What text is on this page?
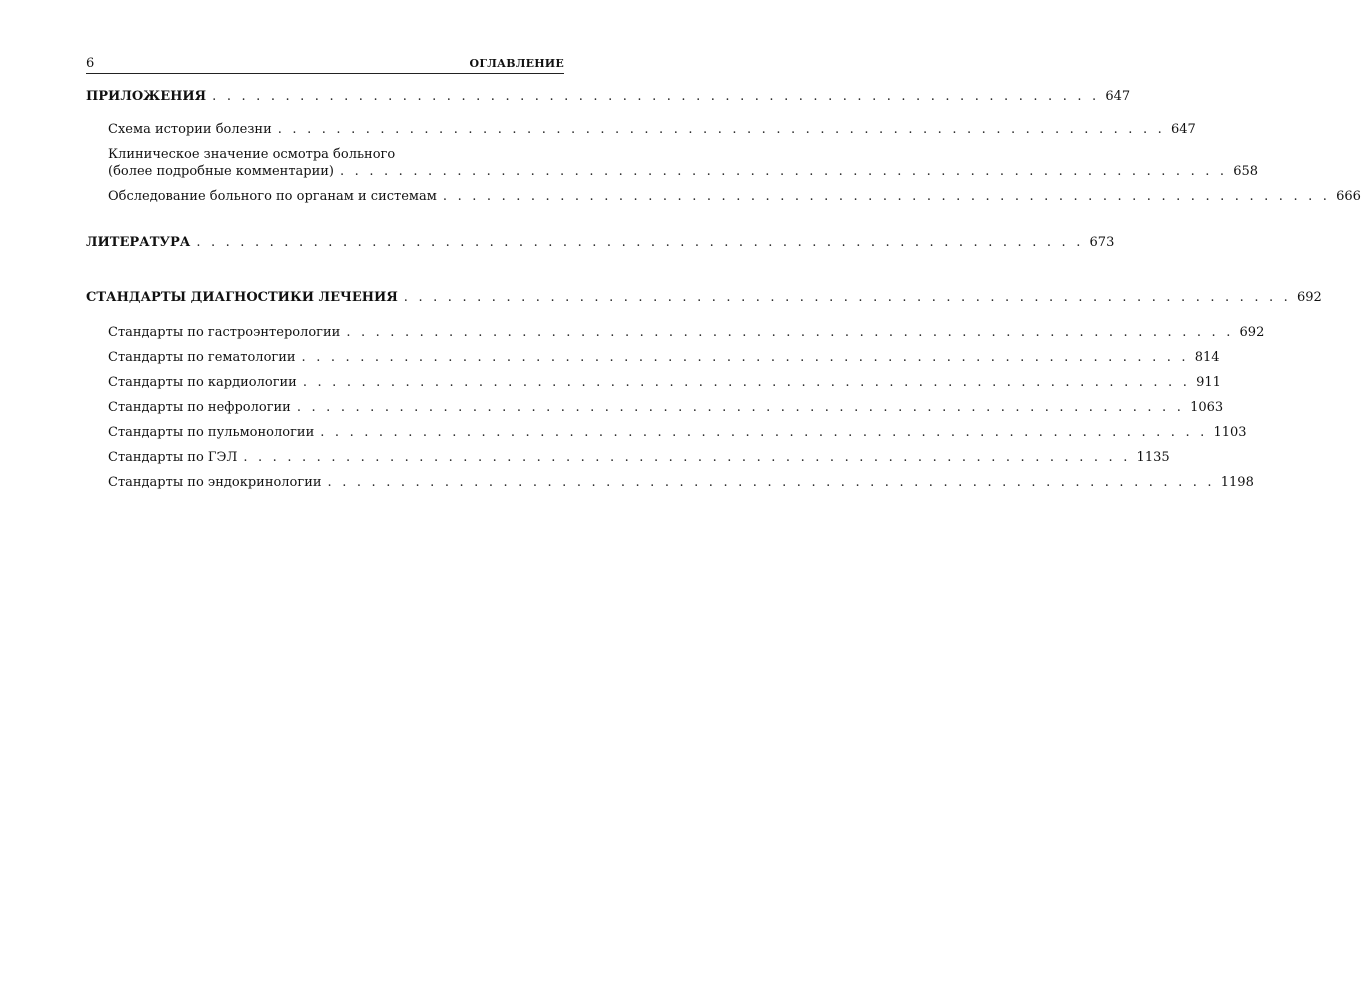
6	ОГЛАВЛЕНИЕ
ПРИЛОЖЕНИЯ . . . . . . . . . . . . . . . . . . . . . . . . . . . . . . . . . . . . . . . . . . . . . . . . . . . . . . . . . . . . . 647
Схема истории болезни . . . . . . . . . . . . . . . . . . . . . . . . . . . . . . . . . . . . . . . . . . . . . . . . . . . . . . . . . . . . . 647
Клиническое значение осмотра больного
(более подробные комментарии) . . . . . . . . . . . . . . . . . . . . . . . . . . . . . . . . . . . . . . . . . . . . . . . . . . . . . . . . . . . . . 658
Обследование больного по органам и системам . . . . . . . . . . . . . . . . . . . . . . . . . . . . . . . . . . . . . . . . . . . . . . . . . . . . . . . . . . . . . 666
ЛИТЕРАТУРА . . . . . . . . . . . . . . . . . . . . . . . . . . . . . . . . . . . . . . . . . . . . . . . . . . . . . . . . . . . . . 673
СТАНДАРТЫ ДИАГНОСТИКИ ЛЕЧЕНИЯ . . . . . . . . . . . . . . . . . . . . . . . . . . . . . . . . . . . . . . . . . . . . . . . . . . . . . . . . . . . . . 692
Стандарты по гастроэнтерологии . . . . . . . . . . . . . . . . . . . . . . . . . . . . . . . . . . . . . . . . . . . . . . . . . . . . . . . . . . . . . 692
Стандарты по гематологии . . . . . . . . . . . . . . . . . . . . . . . . . . . . . . . . . . . . . . . . . . . . . . . . . . . . . . . . . . . . . 814
Стандарты по кардиологии . . . . . . . . . . . . . . . . . . . . . . . . . . . . . . . . . . . . . . . . . . . . . . . . . . . . . . . . . . . . . 911
Стандарты по нефрологии . . . . . . . . . . . . . . . . . . . . . . . . . . . . . . . . . . . . . . . . . . . . . . . . . . . . . . . . . . . . . 1063
Стандарты по пульмонологии . . . . . . . . . . . . . . . . . . . . . . . . . . . . . . . . . . . . . . . . . . . . . . . . . . . . . . . . . . . . . 1103
Стандарты по ГЭЛ . . . . . . . . . . . . . . . . . . . . . . . . . . . . . . . . . . . . . . . . . . . . . . . . . . . . . . . . . . . . . 1135
Стандарты по эндокринологии . . . . . . . . . . . . . . . . . . . . . . . . . . . . . . . . . . . . . . . . . . . . . . . . . . . . . . . . . . . . . 1198
